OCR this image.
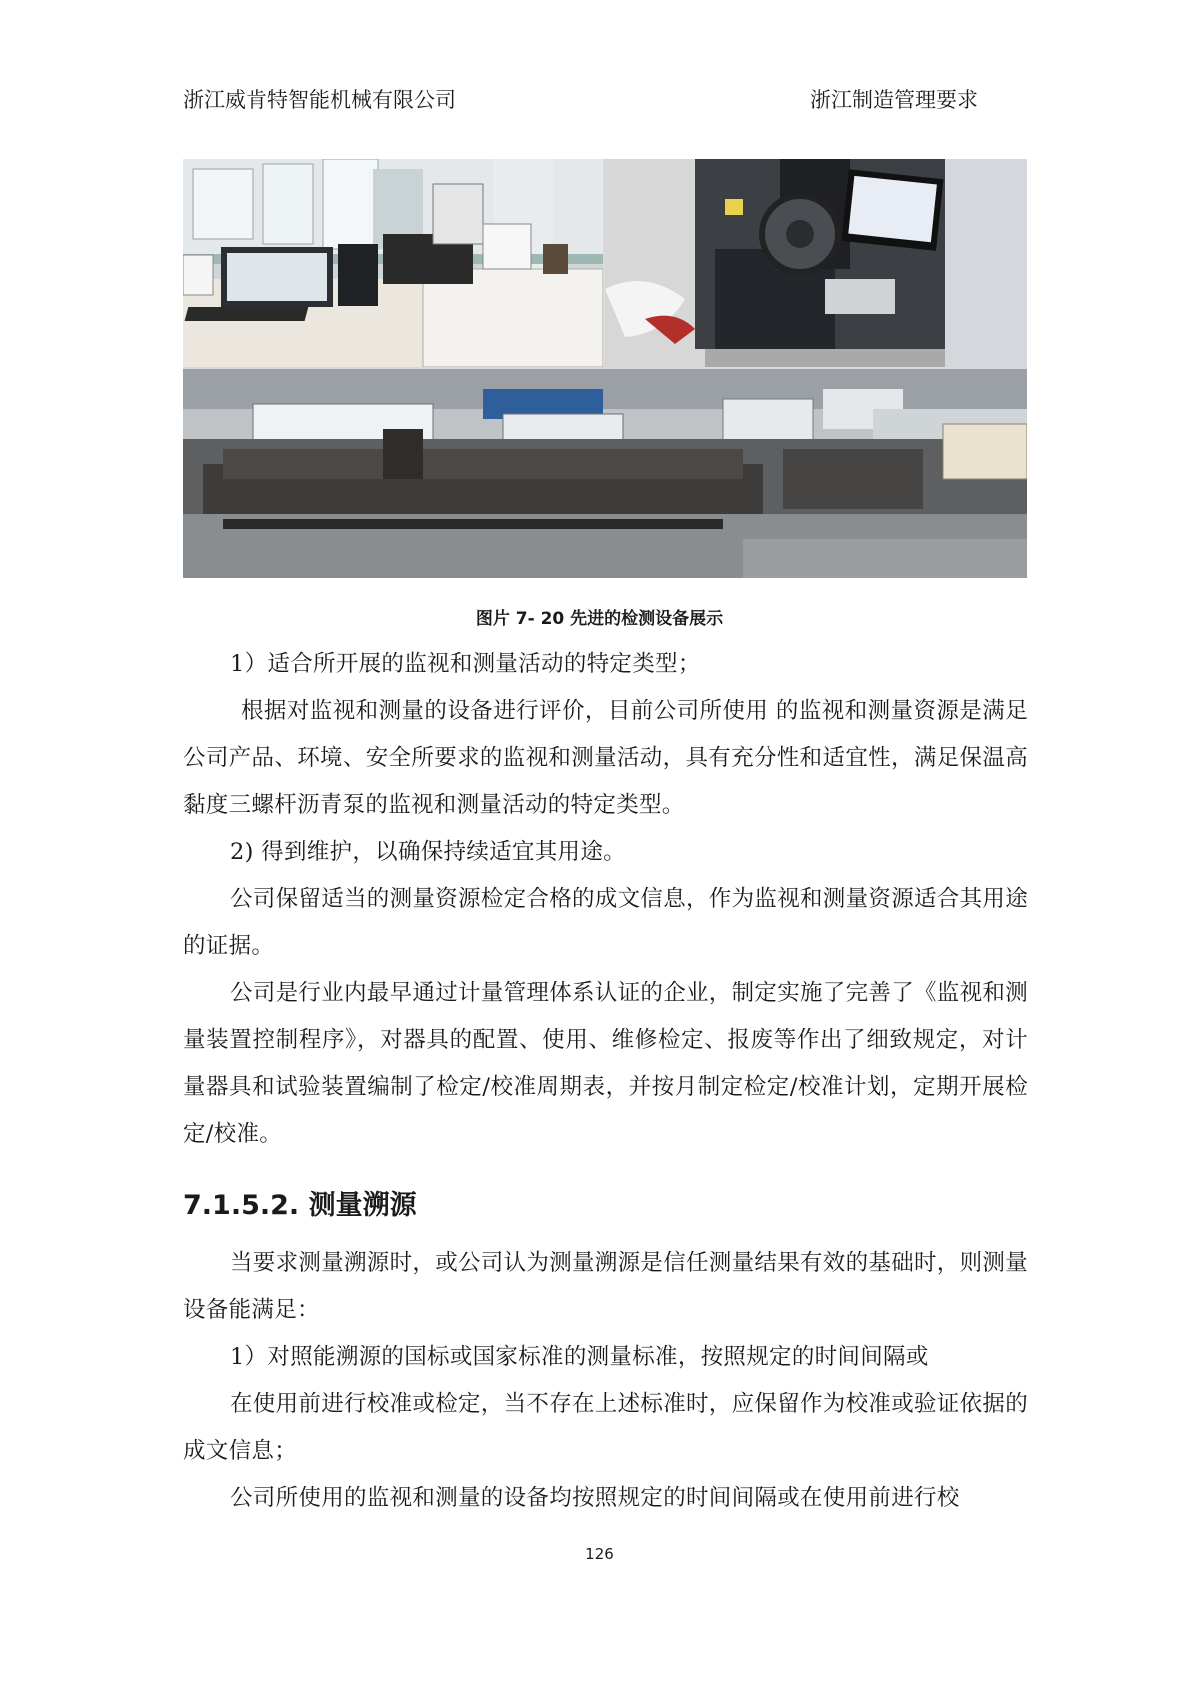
浙江威肯特智能机械有限公司	浙江制造管理要求
图片 7- 20 先进的检测设备展示

1）适合所开展的监视和测量活动的特定类型；

根据对监视和测量的设备进行评价，目前公司所使用 的监视和测量资源是满足公司产品、环境、安全所要求的监视和测量活动，具有充分性和适宜性，满足保温高黏度三螺杆沥青泵的监视和测量活动的特定类型。

2) 得到维护，以确保持续适宜其用途。

公司保留适当的测量资源检定合格的成文信息，作为监视和测量资源适合其用途的证据。

公司是行业内最早通过计量管理体系认证的企业，制定实施了完善了《监视和测量装置控制程序》，对器具的配置、使用、维修检定、报废等作出了细致规定，对计量器具和试验装置编制了检定/校准周期表，并按月制定检定/校准计划，定期开展检定/校准。

7.1.5.2. 测量溯源

当要求测量溯源时，或公司认为测量溯源是信任测量结果有效的基础时，则测量设备能满足：

1）对照能溯源的国标或国家标准的测量标准，按照规定的时间间隔或

在使用前进行校准或检定，当不存在上述标准时，应保留作为校准或验证依据的成文信息；

公司所使用的监视和测量的设备均按照规定的时间间隔或在使用前进行校

126
